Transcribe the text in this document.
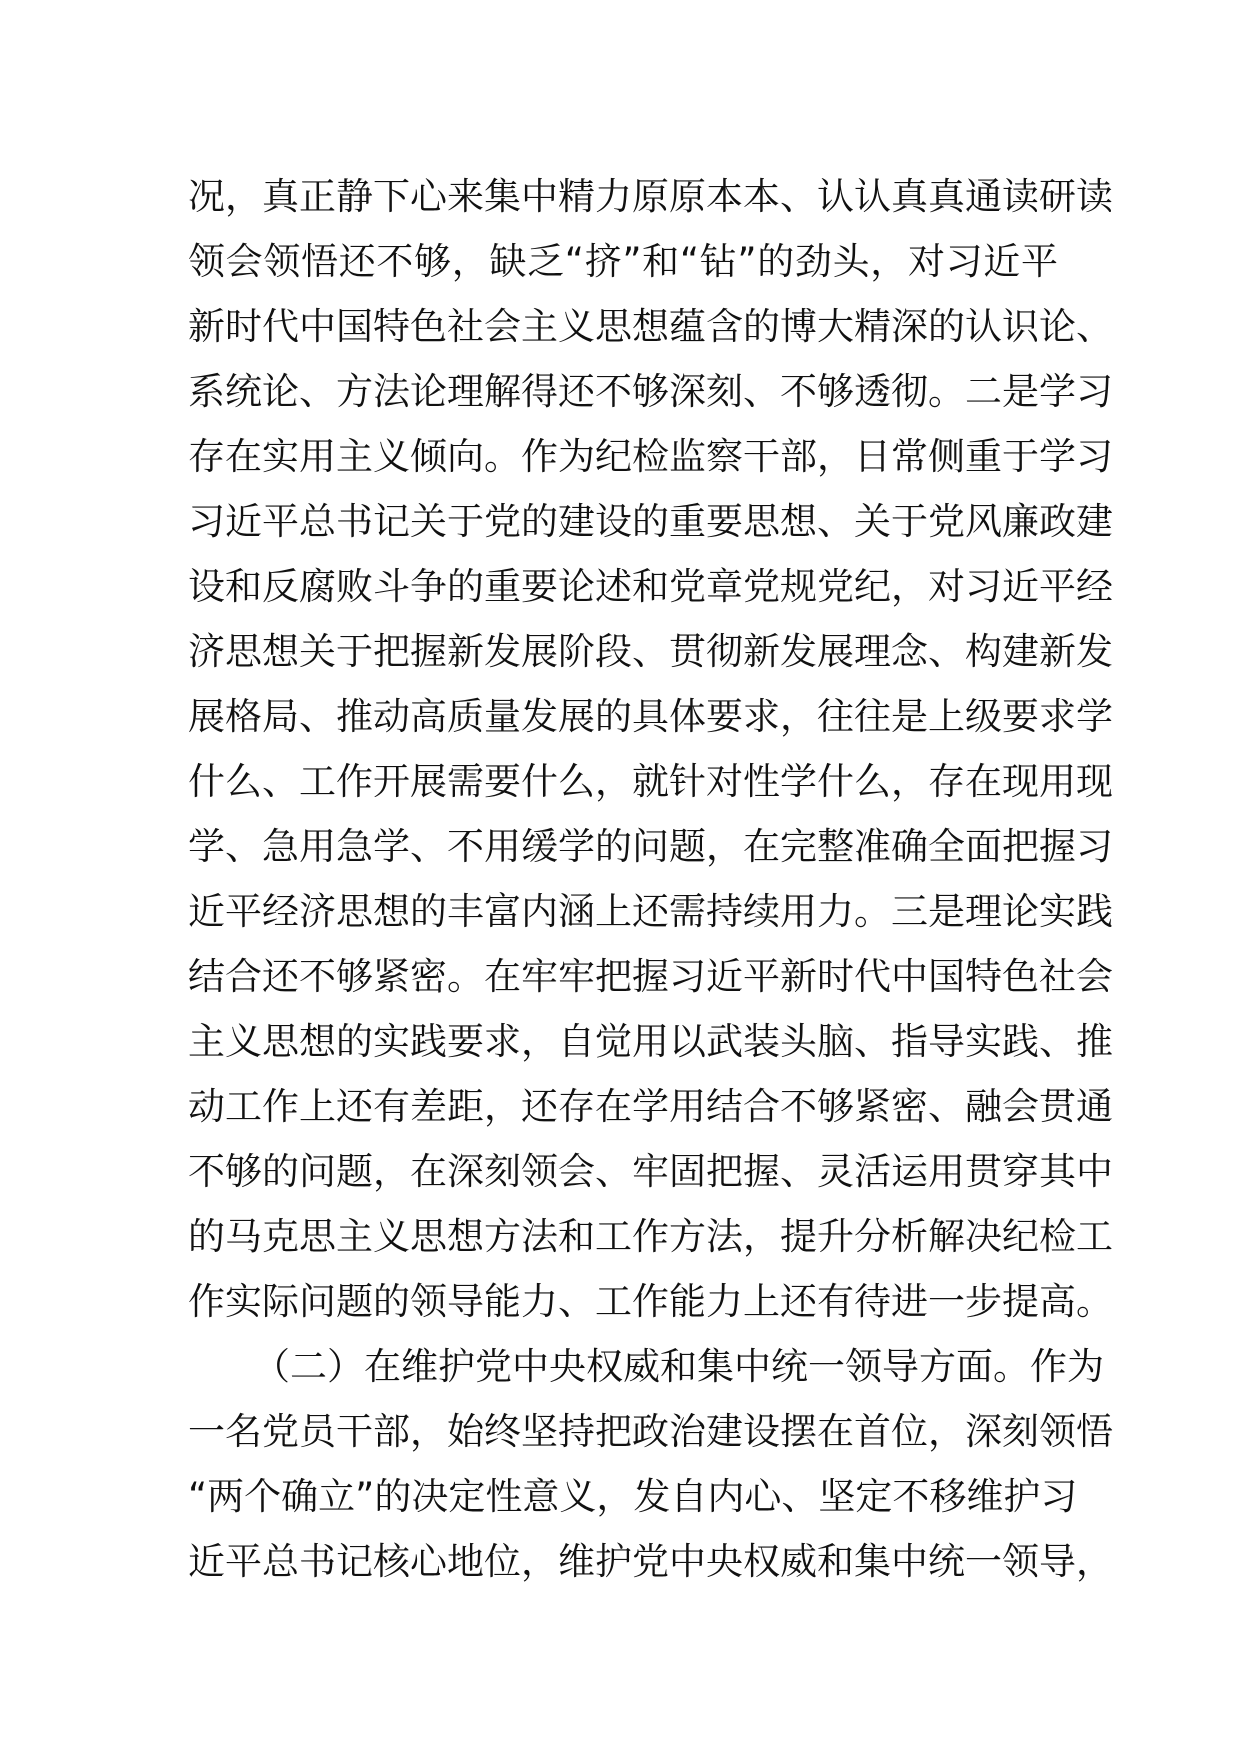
况，真正静下心来集中精力原原本本、认认真真通读研读
领会领悟还不够，缺乏“挤”和“钻”的劲头，对习近平
新时代中国特色社会主义思想蕴含的博大精深的认识论、
系统论、方法论理解得还不够深刻、不够透彻。二是学习
存在实用主义倾向。作为纪检监察干部，日常侧重于学习
习近平总书记关于党的建设的重要思想、关于党风廉政建
设和反腐败斗争的重要论述和党章党规党纪，对习近平经
济思想关于把握新发展阶段、贯彻新发展理念、构建新发
展格局、推动高质量发展的具体要求，往往是上级要求学
什么、工作开展需要什么，就针对性学什么，存在现用现
学、急用急学、不用缓学的问题，在完整准确全面把握习
近平经济思想的丰富内涵上还需持续用力。三是理论实践
结合还不够紧密。在牢牢把握习近平新时代中国特色社会
主义思想的实践要求，自觉用以武装头脑、指导实践、推
动工作上还有差距，还存在学用结合不够紧密、融会贯通
不够的问题，在深刻领会、牢固把握、灵活运用贯穿其中
的马克思主义思想方法和工作方法，提升分析解决纪检工
作实际问题的领导能力、工作能力上还有待进一步提高。
（二）在维护党中央权威和集中统一领导方面。作为
一名党员干部，始终坚持把政治建设摆在首位，深刻领悟
“两个确立”的决定性意义，发自内心、坚定不移维护习
近平总书记核心地位，维护党中央权威和集中统一领导，
